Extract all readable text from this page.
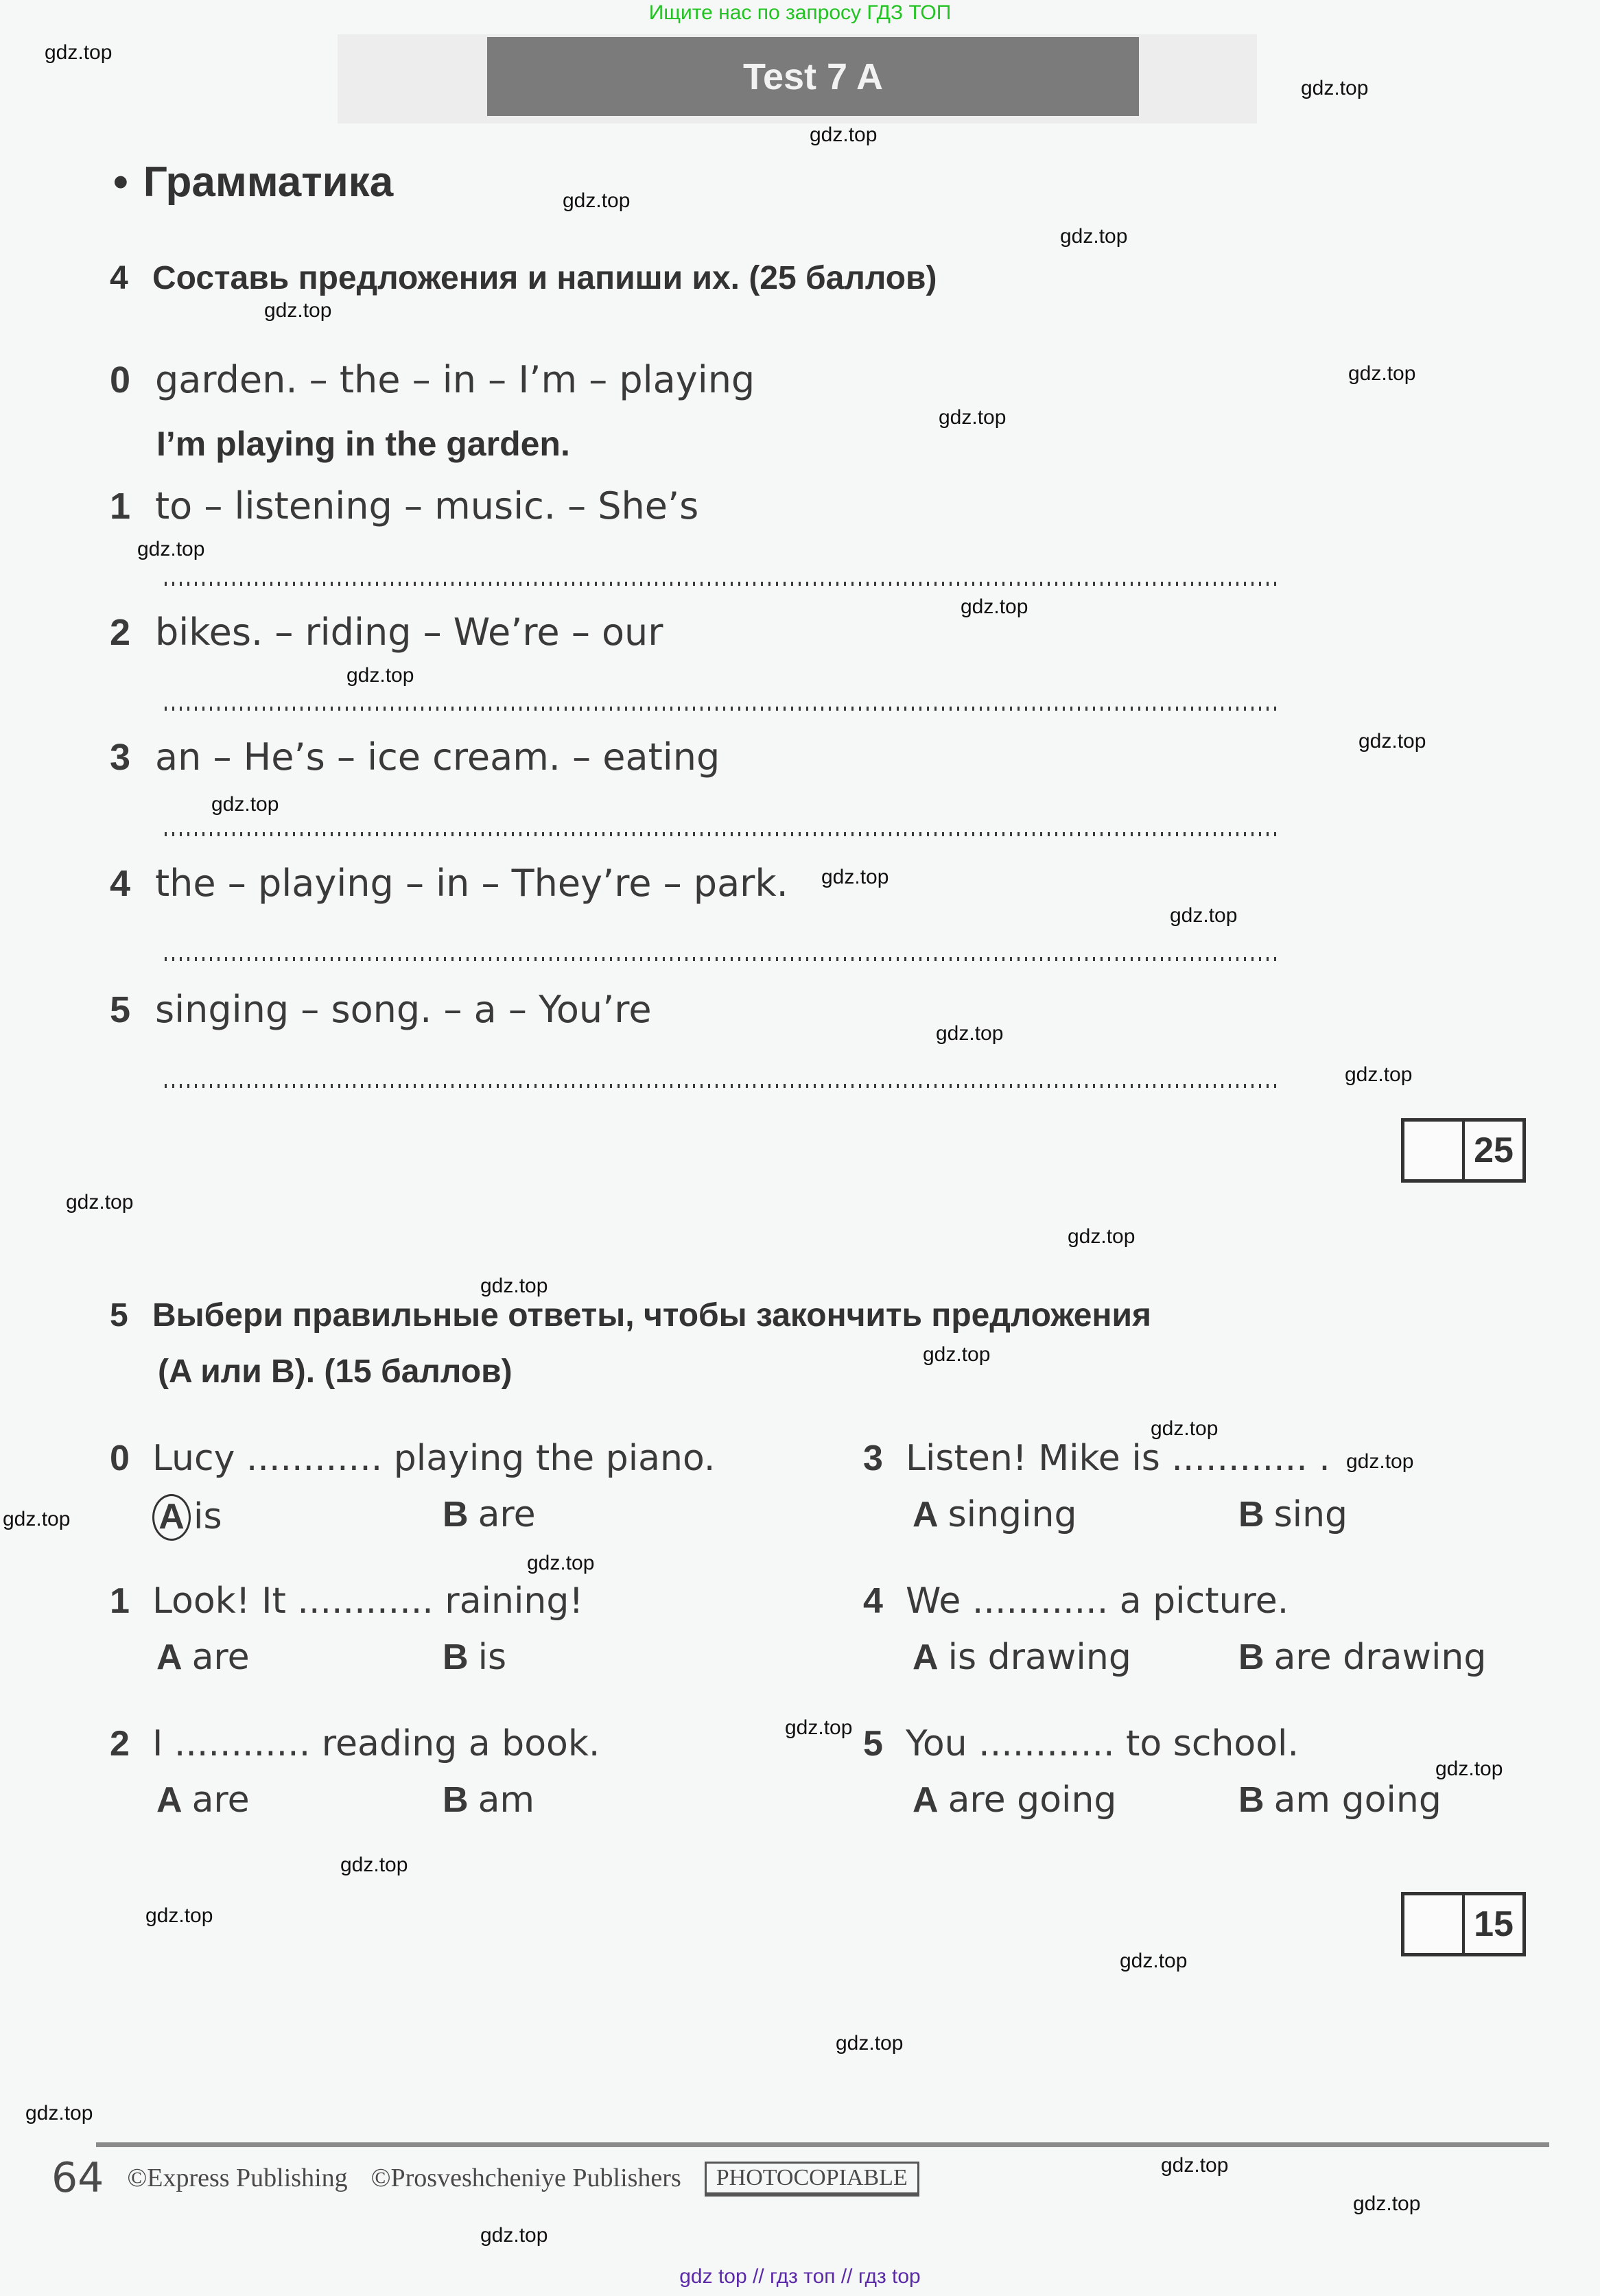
Ищите нас по запросу ГДЗ ТОП
Test 7 A
• Грамматика
4 Составь предложения и напиши их. (25 баллов)
0 garden. – the – in – I’m – playing
I’m playing in the garden.
1 to – listening – music. – She’s
2 bikes. – riding – We’re – our
3 an – He’s – ice cream. – eating
4 the – playing – in – They’re – park.
5 singing – song. – a – You’re
25
5 Выбери правильные ответы, чтобы закончить предложения
(A или B). (15 баллов)
0 Lucy ............ playing the piano.
A is	B are
1 Look! It ............ raining!
A are	B is
2 I ............ reading a book.
A are	B am
3 Listen! Mike is ............ .
A singing	B sing
4 We ............ a picture.
A is drawing	B are drawing
5 You ............ to school.
A are going	B am going
15
64 ©Express Publishing ©Prosveshcheniye Publishers	PHOTOCOPIABLE
gdz top // гдз топ // гдз top
gdz.top
gdz.top
gdz.top
gdz.top
gdz.top
gdz.top
gdz.top
gdz.top
gdz.top
gdz.top
gdz.top
gdz.top
gdz.top
gdz.top
gdz.top
gdz.top
gdz.top
gdz.top
gdz.top
gdz.top
gdz.top
gdz.top
gdz.top
gdz.top
gdz.top
gdz.top
gdz.top
gdz.top
gdz.top
gdz.top
gdz.top
gdz.top
gdz.top
gdz.top
gdz.top
